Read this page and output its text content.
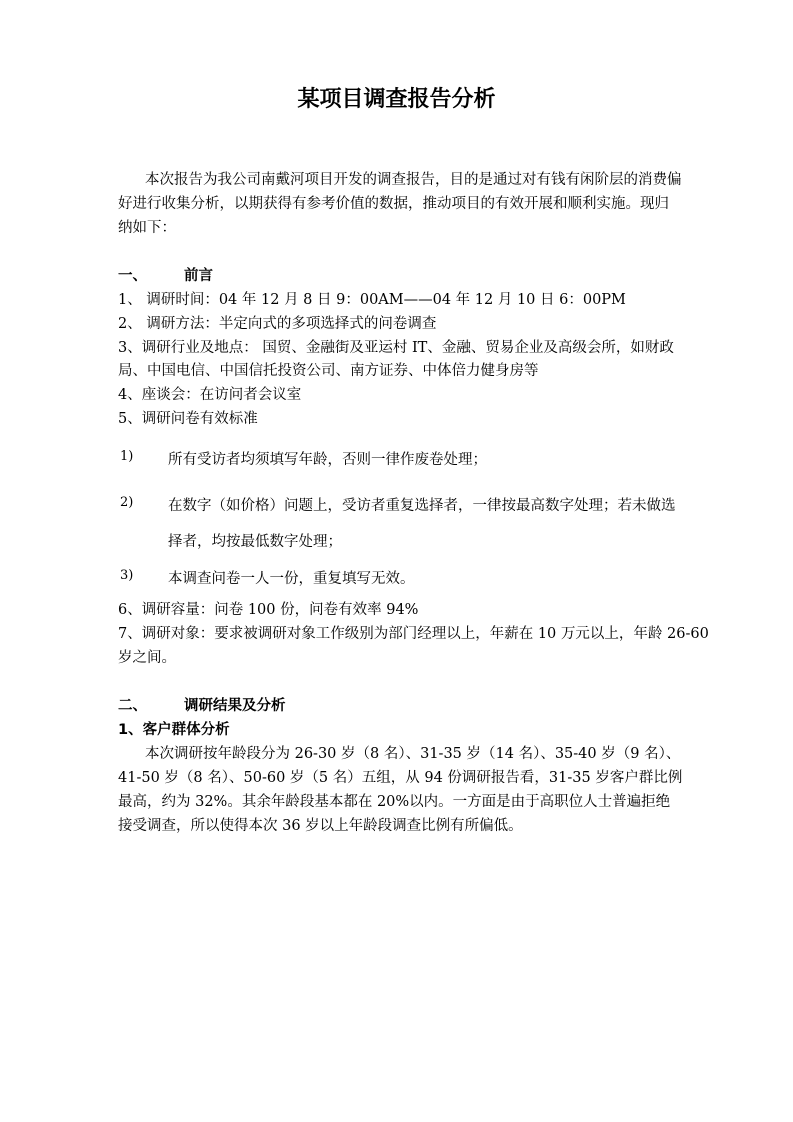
某项目调查报告分析
本次报告为我公司南戴河项目开发的调查报告，目的是通过对有钱有闲阶层的消费偏
好进行收集分析，以期获得有参考价值的数据，推动项目的有效开展和顺利实施。现归
纳如下：
一、	前言
1、 调研时间：04 年 12 月 8 日 9：00AM——04 年 12 月 10 日 6：00PM
2、 调研方法：半定向式的多项选择式的问卷调查
3、调研行业及地点： 国贸、金融街及亚运村 IT、金融、贸易企业及高级会所，如财政
局、中国电信、中国信托投资公司、南方证券、中体倍力健身房等
4、座谈会：在访问者会议室
5、调研问卷有效标准
1) 所有受访者均须填写年龄，否则一律作废卷处理；
2) 在数字（如价格）问题上，受访者重复选择者，一律按最高数字处理；若未做选
择者，均按最低数字处理；
3) 本调查问卷一人一份，重复填写无效。
6、调研容量：问卷 100 份，问卷有效率 94%
7、调研对象：要求被调研对象工作级别为部门经理以上，年薪在 10 万元以上，年龄 26-60
岁之间。
二、	调研结果及分析
1、客户群体分析
本次调研按年龄段分为 26-30 岁（8 名）、31-35 岁（14 名）、35-40 岁（9 名）、
41-50 岁（8 名）、50-60 岁（5 名）五组，从 94 份调研报告看，31-35 岁客户群比例
最高，约为 32%。其余年龄段基本都在 20%以内。一方面是由于高职位人士普遍拒绝
接受调查，所以使得本次 36 岁以上年龄段调查比例有所偏低。
